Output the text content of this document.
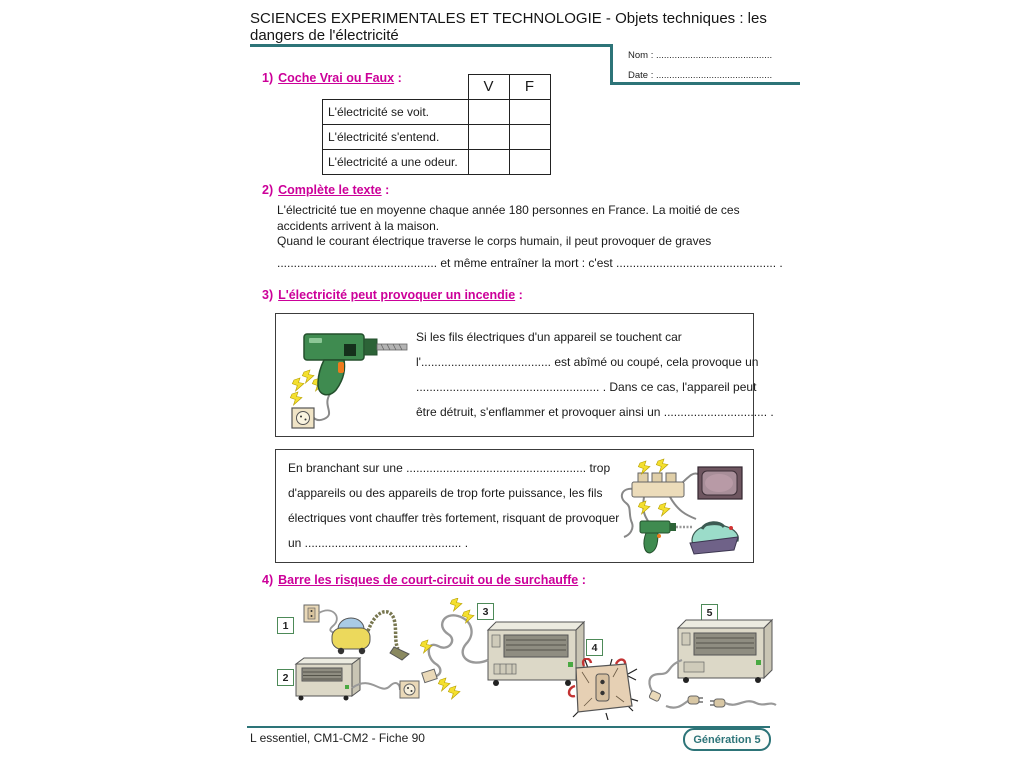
SCIENCES EXPERIMENTALES ET TECHNOLOGIE - Objets techniques : les
dangers de l'électricité
Nom : ............................................
Date : ............................................
1) Coche Vrai ou Faux :
	V	F
L'électricité se voit.		
L'électricité s'entend.		
L'électricité a une odeur.		
2) Complète le texte :
L'électricité tue en moyenne chaque année 180 personnes en France. La moitié de ces
accidents arrivent à la maison.
Quand le courant électrique traverse le corps humain, il peut provoquer de graves
................................................ et même entraîner la mort : c'est ................................................ .
3) L'électricité peut provoquer un incendie :
Si les fils électriques d'un appareil se touchent car
l'....................................... est abîmé ou coupé, cela provoque un
....................................................... . Dans ce cas, l'appareil peut
être détruit, s'enflammer et provoquer ainsi un ............................... .
En branchant sur une ...................................................... trop
d'appareils ou des appareils de trop forte puissance, les fils
électriques vont chauffer très fortement, risquant de provoquer
un ............................................... .
4) Barre les risques de court-circuit ou de surchauffe :
1
2
3
4
5
L essentiel, CM1-CM2 - Fiche 90	Génération 5
